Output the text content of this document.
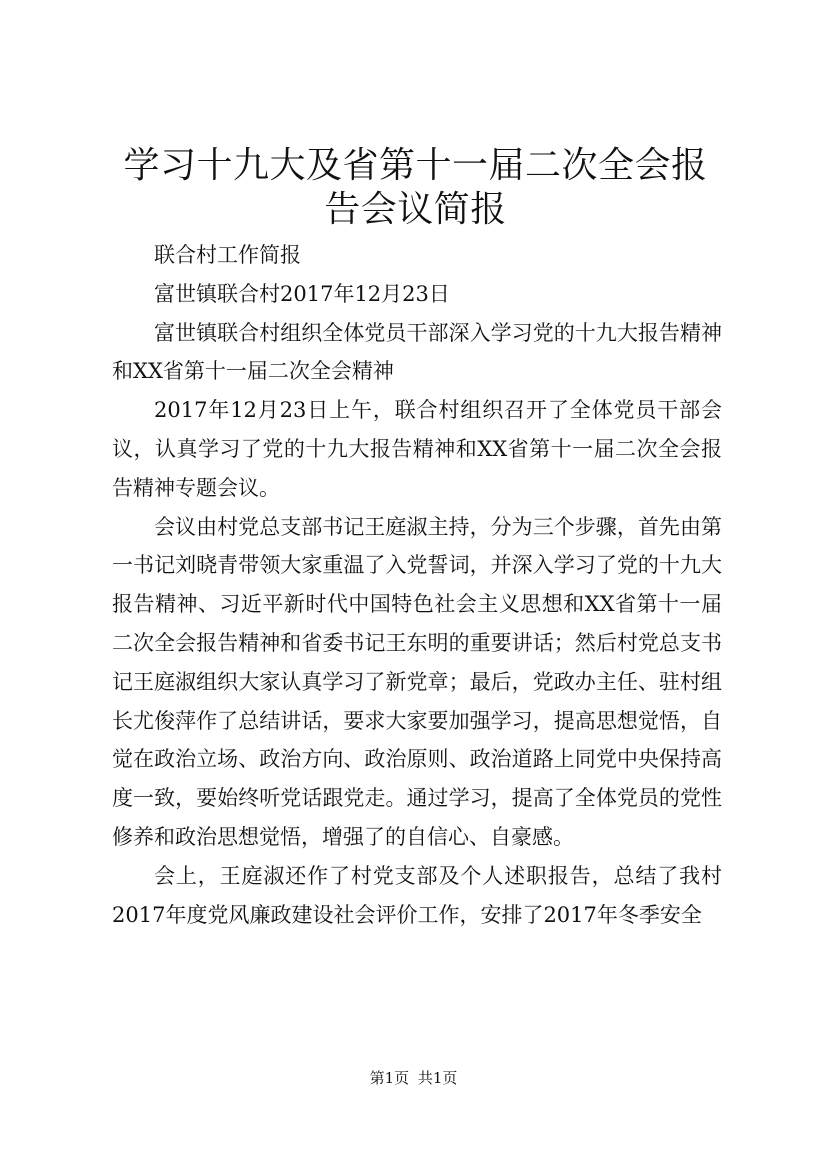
学习十九大及省第十一届二次全会报告会议简报

联合村工作简报

富世镇联合村2017年12月23日

富世镇联合村组织全体党员干部深入学习党的十九大报告精神和XX省第十一届二次全会精神

2017年12月23日上午，联合村组织召开了全体党员干部会议，认真学习了党的十九大报告精神和XX省第十一届二次全会报告精神专题会议。

会议由村党总支部书记王庭淑主持，分为三个步骤，首先由第一书记刘晓青带领大家重温了入党誓词，并深入学习了党的十九大报告精神、习近平新时代中国特色社会主义思想和XX省第十一届二次全会报告精神和省委书记王东明的重要讲话；然后村党总支书记王庭淑组织大家认真学习了新党章；最后，党政办主任、驻村组长尤俊萍作了总结讲话，要求大家要加强学习，提高思想觉悟，自觉在政治立场、政治方向、政治原则、政治道路上同党中央保持高度一致，要始终听党话跟党走。通过学习，提高了全体党员的党性修养和政治思想觉悟，增强了的自信心、自豪感。

会上，王庭淑还作了村党支部及个人述职报告，总结了我村2017年度党风廉政建设社会评价工作，安排了2017年冬季安全

第1页 共1页
